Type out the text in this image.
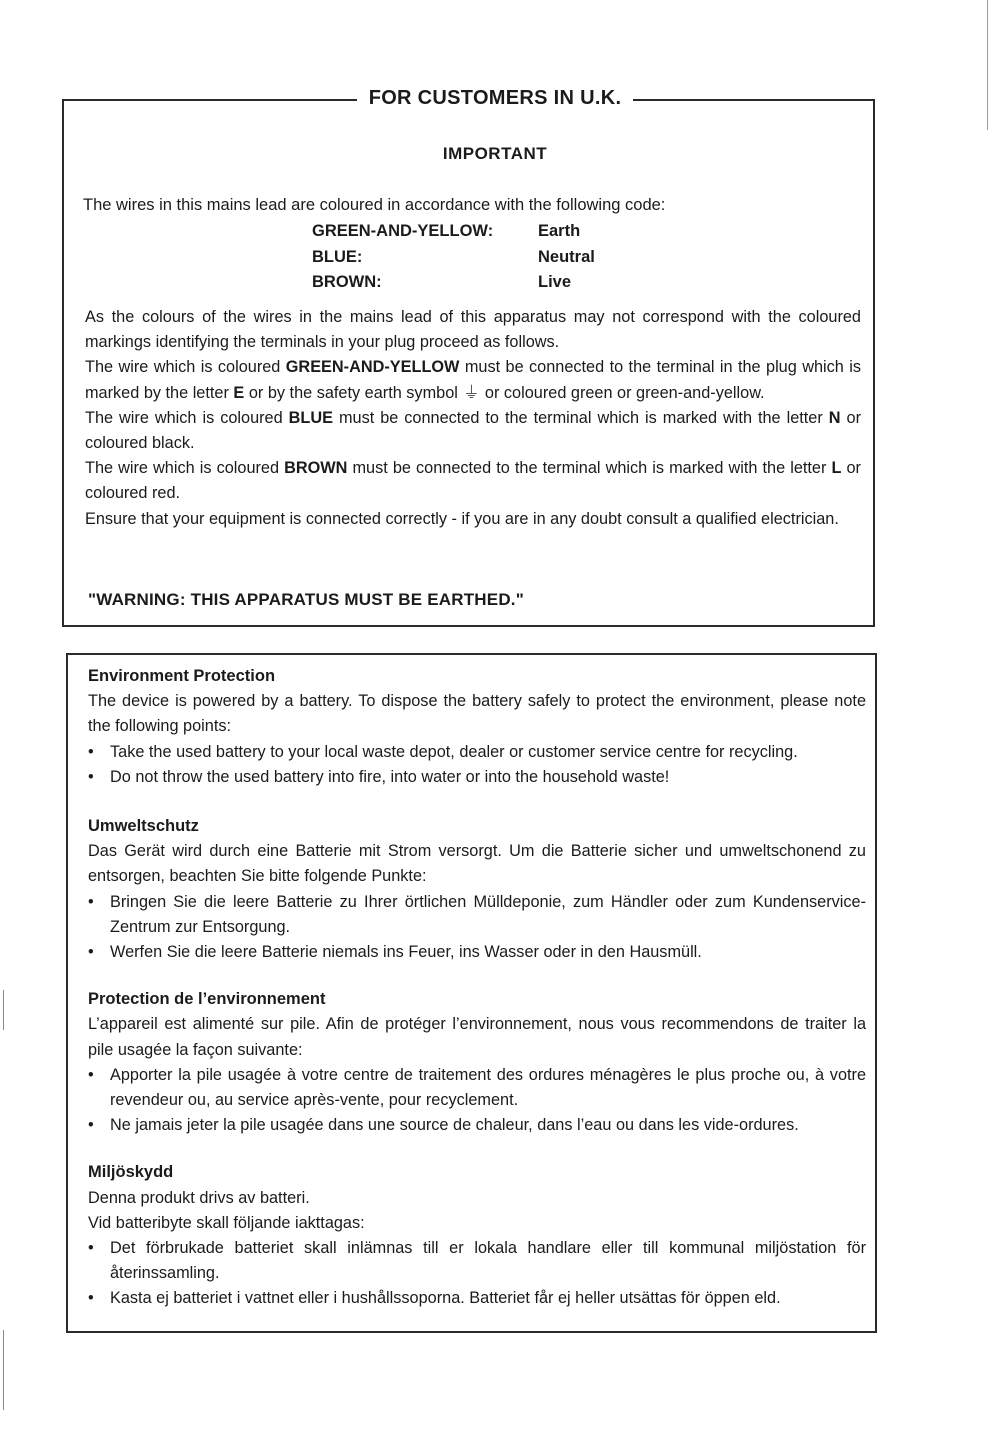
FOR CUSTOMERS IN U.K.
IMPORTANT
The wires in this mains lead are coloured in accordance with the following code:
GREEN-AND-YELLOW:	Earth
BLUE:	Neutral
BROWN:	Live

As the colours of the wires in the mains lead of this apparatus may not correspond with the coloured markings identifying the terminals in your plug proceed as follows.

The wire which is coloured GREEN-AND-YELLOW must be connected to the terminal in the plug which is marked by the letter E or by the safety earth symbol ⏚ or coloured green or green-and-yellow.

The wire which is coloured BLUE must be connected to the terminal which is marked with the letter N or coloured black.

The wire which is coloured BROWN must be connected to the terminal which is marked with the letter L or coloured red.

Ensure that your equipment is connected correctly - if you are in any doubt consult a qualified electrician.

"WARNING: THIS APPARATUS MUST BE EARTHED."
Environment Protection

The device is powered by a battery. To dispose the battery safely to protect the environment, please note the following points:

• Take the used battery to your local waste depot, dealer or customer service centre for recycling.
• Do not throw the used battery into fire, into water or into the household waste!
Umweltschutz

Das Gerät wird durch eine Batterie mit Strom versorgt. Um die Batterie sicher und umweltschonend zu entsorgen, beachten Sie bitte folgende Punkte:

• Bringen Sie die leere Batterie zu Ihrer örtlichen Mülldeponie, zum Händler oder zum Kundenservice-Zentrum zur Entsorgung.
• Werfen Sie die leere Batterie niemals ins Feuer, ins Wasser oder in den Hausmüll.
Protection de l’environnement

L’appareil est alimenté sur pile. Afin de protéger l’environnement, nous vous recommendons de traiter la pile usagée la façon suivante:

• Apporter la pile usagée à votre centre de traitement des ordures ménagères le plus proche ou, à votre revendeur ou, au service après-vente, pour recyclement.
• Ne jamais jeter la pile usagée dans une source de chaleur, dans l’eau ou dans les vide-ordures.
Miljöskydd

Denna produkt drivs av batteri.

Vid batteribyte skall följande iakttagas:

• Det förbrukade batteriet skall inlämnas till er lokala handlare eller till kommunal miljöstation för återinssamling.
• Kasta ej batteriet i vattnet eller i hushållssoporna. Batteriet får ej heller utsättas för öppen eld.
